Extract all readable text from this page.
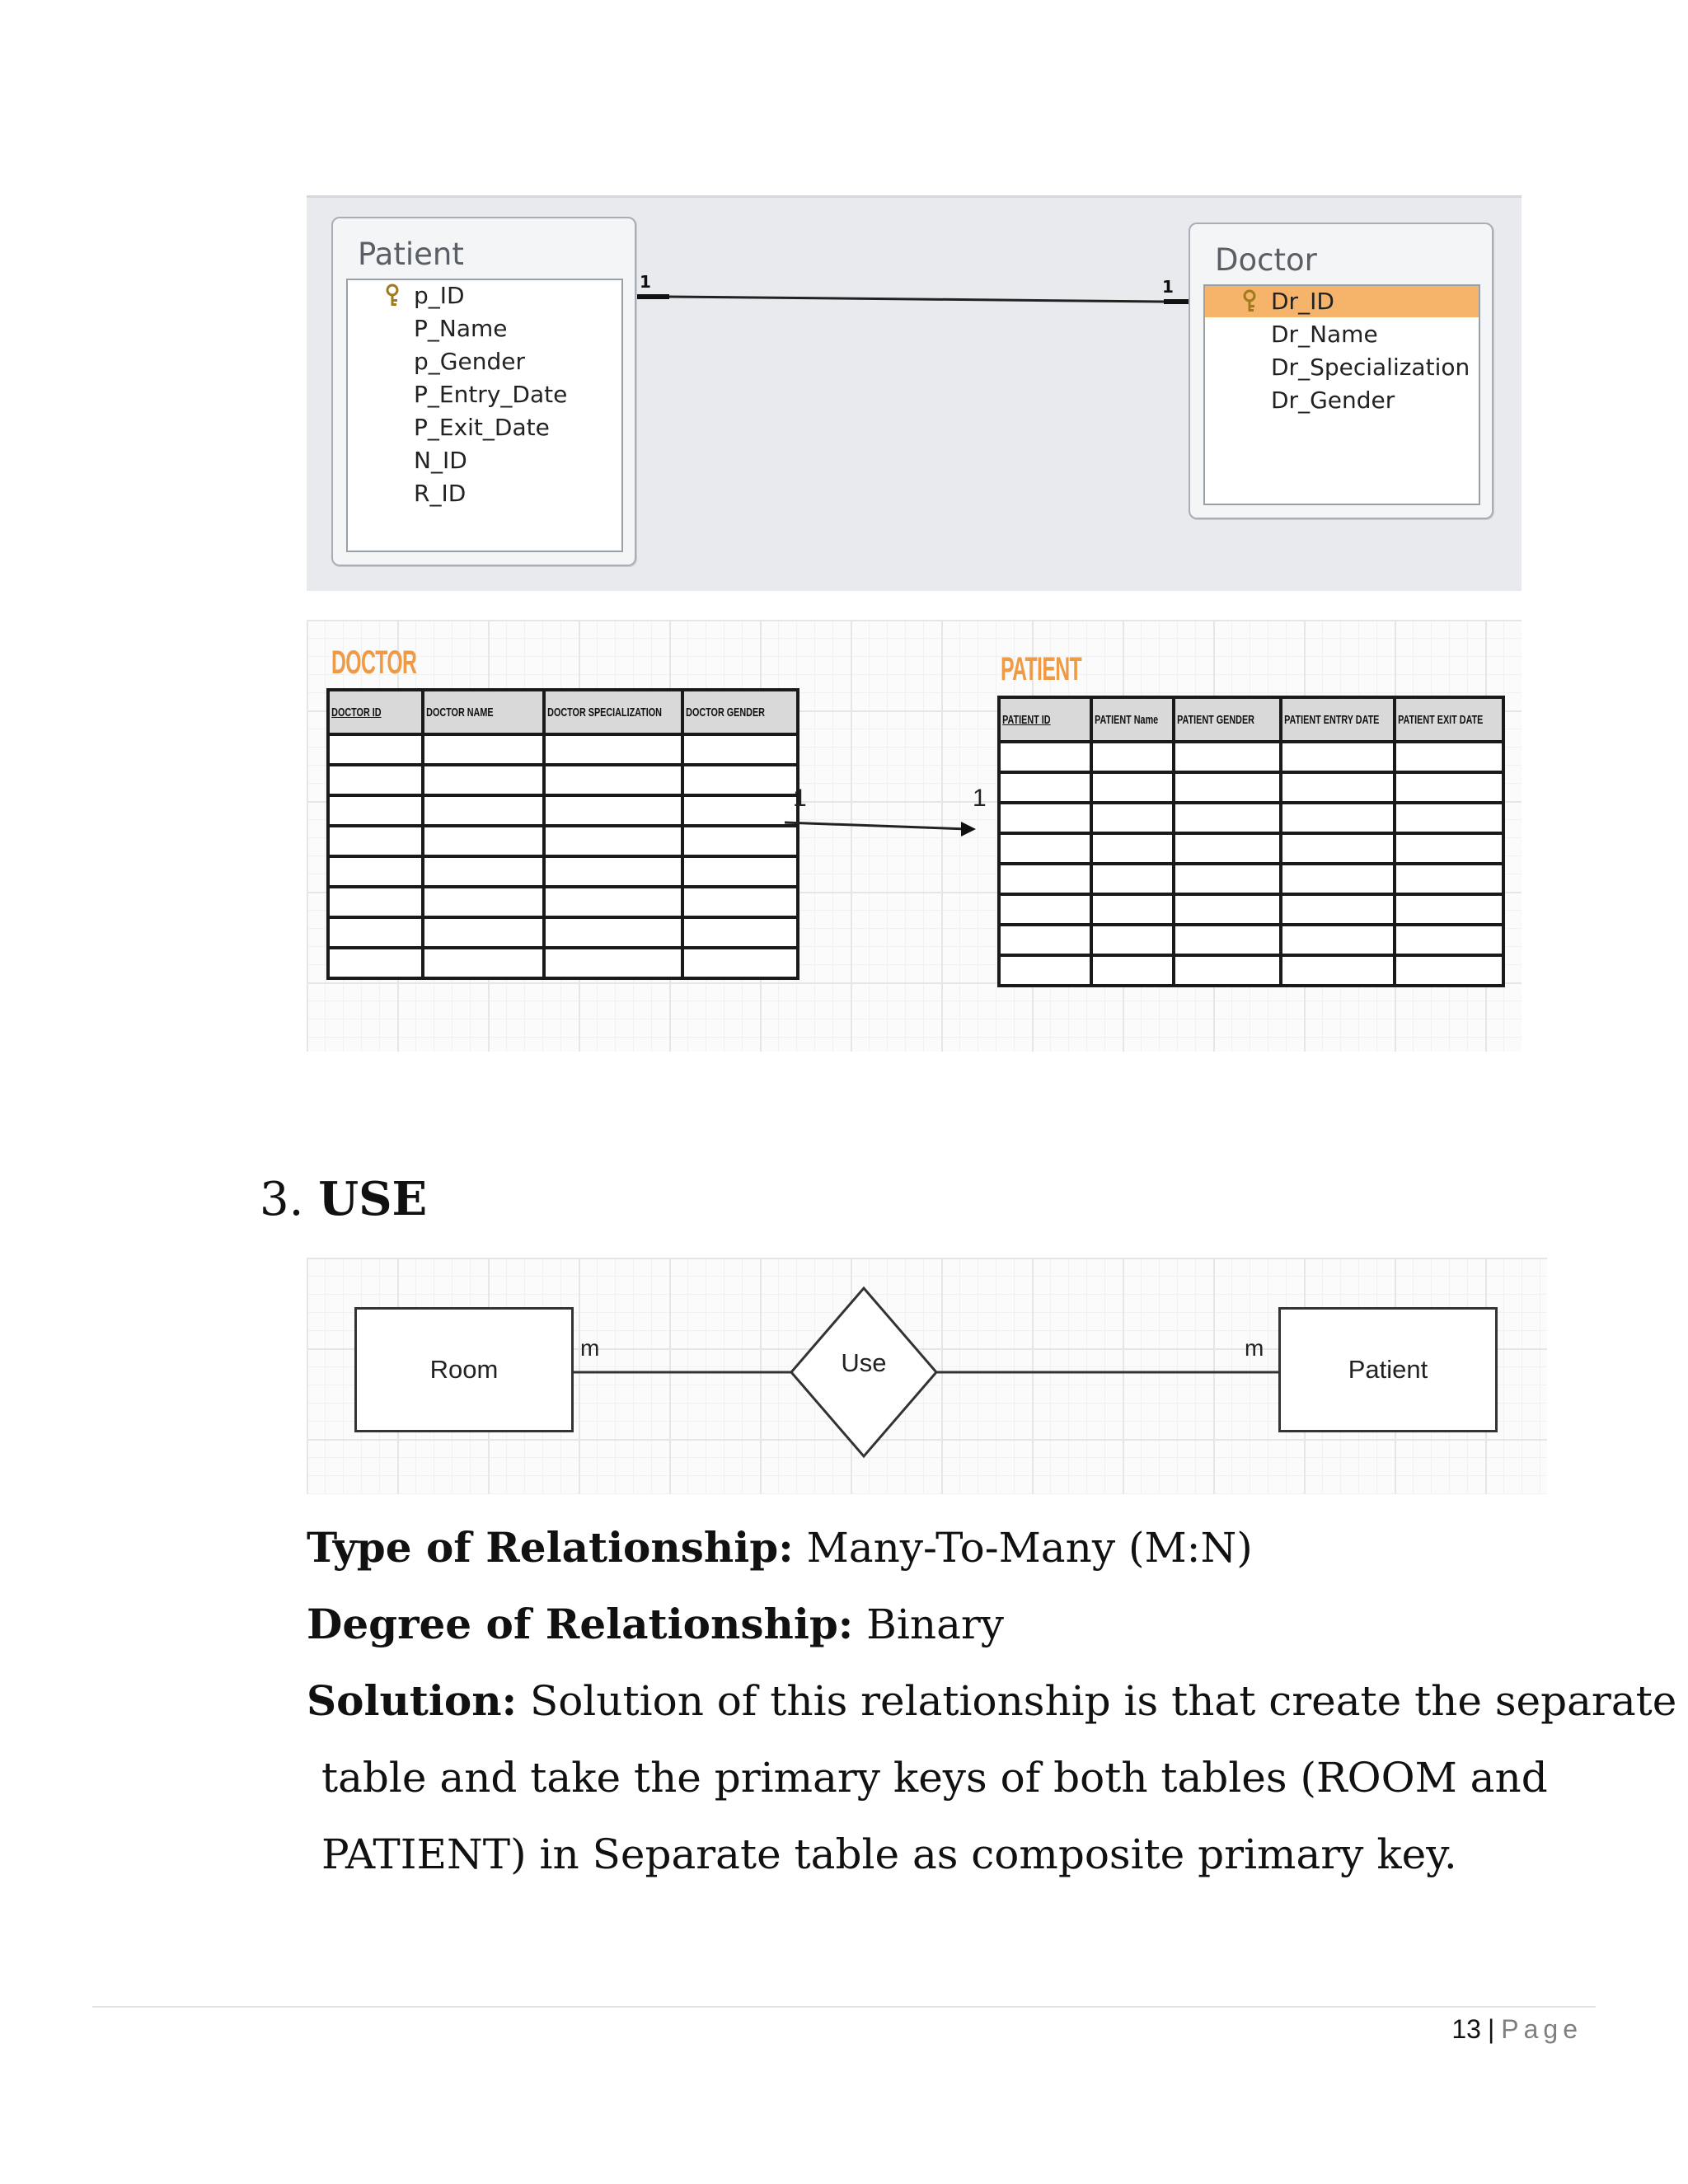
1	1
Patient
p_ID
P_Name
p_Gender
P_Entry_Date
P_Exit_Date
N_ID
R_ID
Doctor
Dr_ID
Dr_Name
Dr_Specialization
Dr_Gender
DOCTOR
DOCTOR ID	DOCTOR NAME	DOCTOR SPECIALIZATION	DOCTOR GENDER

1	1
PATIENT
PATIENT ID	PATIENT Name	PATIENT GENDER	PATIENT ENTRY DATE	PATIENT EXIT DATE

3. USE
Room	Patient
Use
m	m
Type of Relationship: Many-To-Many (M:N)
Degree of Relationship: Binary
Solution: Solution of this relationship is that create the separate
table and take the primary keys of both tables (ROOM and
PATIENT) in Separate table as composite primary key.
13 | Page
